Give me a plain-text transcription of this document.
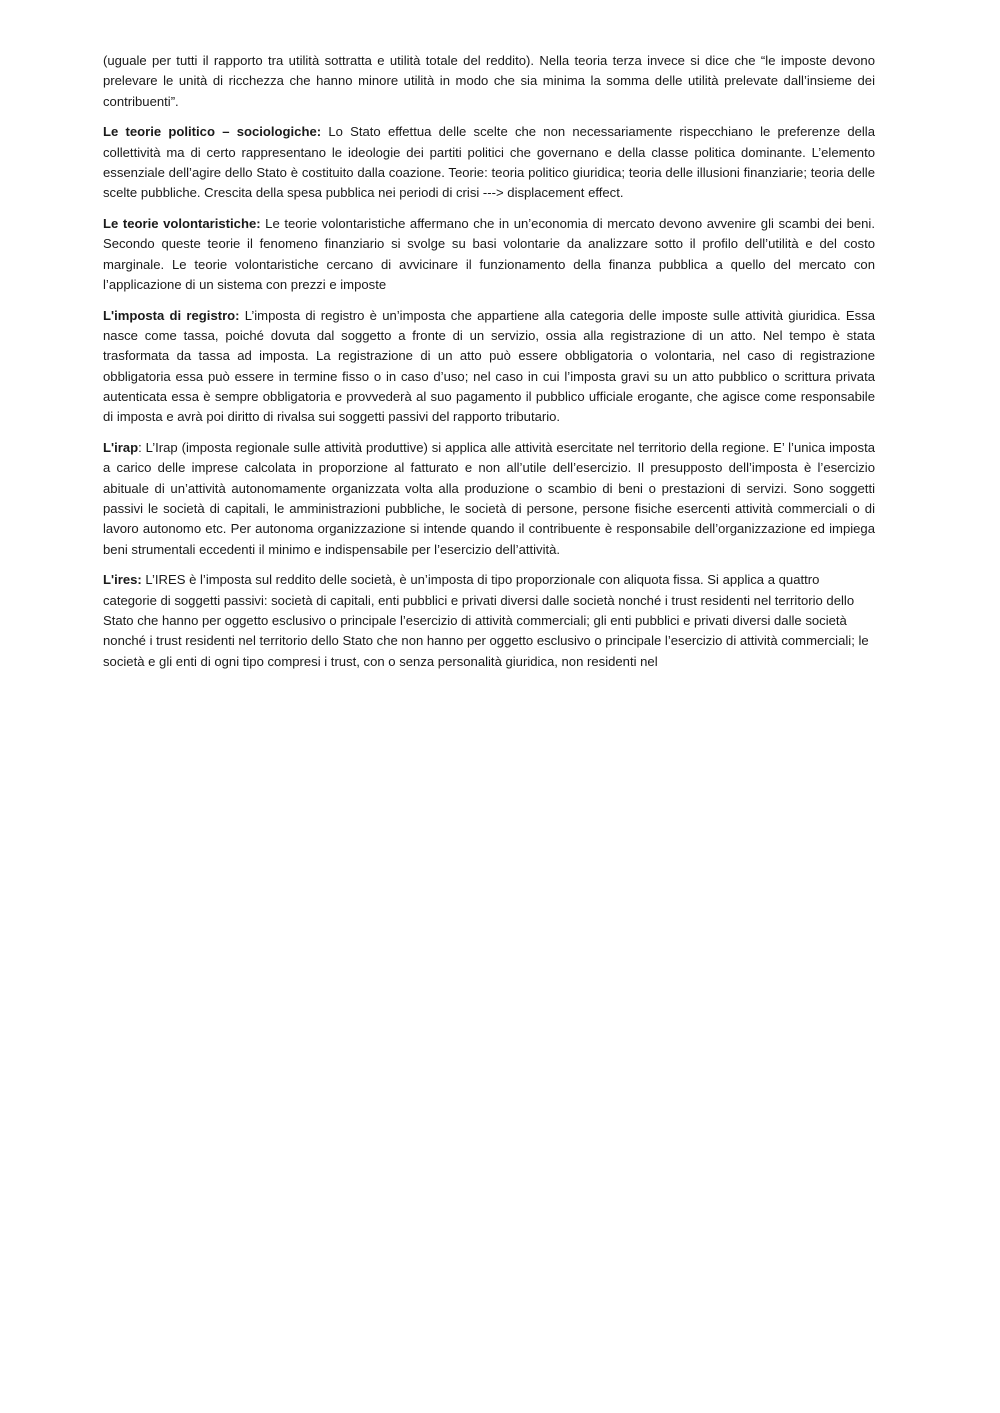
(uguale per tutti il rapporto tra utilità sottratta e utilità totale del reddito). Nella teoria terza invece si dice che “le imposte devono prelevare le unità di ricchezza che hanno minore utilità in modo che sia minima la somma delle utilità prelevate dall’insieme dei contribuenti”.

Le teorie politico – sociologiche: Lo Stato effettua delle scelte che non necessariamente rispecchiano le preferenze della collettività ma di certo rappresentano le ideologie dei partiti politici che governano e della classe politica dominante. L’elemento essenziale dell’agire dello Stato è costituito dalla coazione. Teorie: teoria politico giuridica; teoria delle illusioni finanziarie; teoria delle scelte pubbliche. Crescita della spesa pubblica nei periodi di crisi ---> displacement effect.

Le teorie volontaristiche: Le teorie volontaristiche affermano che in un’economia di mercato devono avvenire gli scambi dei beni. Secondo queste teorie il fenomeno finanziario si svolge su basi volontarie da analizzare sotto il profilo dell’utilità e del costo marginale. Le teorie volontaristiche cercano di avvicinare il funzionamento della finanza pubblica a quello del mercato con l’applicazione di un sistema con prezzi e imposte

L'imposta di registro: L’imposta di registro è un’imposta che appartiene alla categoria delle imposte sulle attività giuridica. Essa nasce come tassa, poiché dovuta dal soggetto a fronte di un servizio, ossia alla registrazione di un atto. Nel tempo è stata trasformata da tassa ad imposta. La registrazione di un atto può essere obbligatoria o volontaria, nel caso di registrazione obbligatoria essa può essere in termine fisso o in caso d’uso; nel caso in cui l’imposta gravi su un atto pubblico o scrittura privata autenticata essa è sempre obbligatoria e provvederà al suo pagamento il pubblico ufficiale erogante, che agisce come responsabile di imposta e avrà poi diritto di rivalsa sui soggetti passivi del rapporto tributario.

L'irap: L’Irap (imposta regionale sulle attività produttive) si applica alle attività esercitate nel territorio della regione. E’ l’unica imposta a carico delle imprese calcolata in proporzione al fatturato e non all’utile dell’esercizio. Il presupposto dell’imposta è l’esercizio abituale di un’attività autonomamente organizzata volta alla produzione o scambio di beni o prestazioni di servizi. Sono soggetti passivi le società di capitali, le amministrazioni pubbliche, le società di persone, persone fisiche esercenti attività commerciali o di lavoro autonomo etc. Per autonoma organizzazione si intende quando il contribuente è responsabile dell’organizzazione ed impiega beni strumentali eccedenti il minimo e indispensabile per l’esercizio dell’attività.

L'ires: L’IRES è l’imposta sul reddito delle società, è un’imposta di tipo proporzionale con aliquota fissa. Si applica a quattro categorie di soggetti passivi: società di capitali, enti pubblici e privati diversi dalle società nonché i trust residenti nel territorio dello Stato che hanno per oggetto esclusivo o principale l’esercizio di attività commerciali; gli enti pubblici e privati diversi dalle società nonché i trust residenti nel territorio dello Stato che non hanno per oggetto esclusivo o principale l’esercizio di attività commerciali; le società e gli enti di ogni tipo compresi i trust, con o senza personalità giuridica, non residenti nel
